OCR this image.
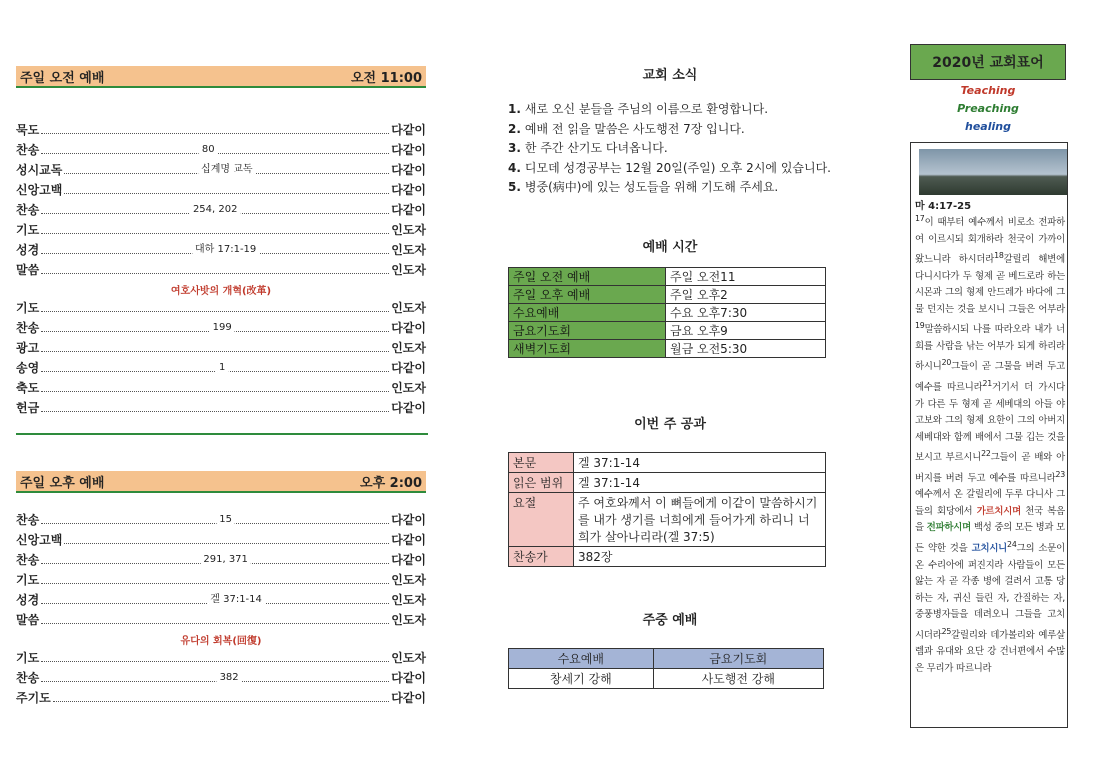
주일 오전 예배	오전 11:00
묵도	다같이
찬송	80	다같이
성시교독	십계명 교독	다같이
신앙고백	다같이
찬송	254, 202	다같이
기도	인도자
성경	대하 17:1-19	인도자
말씀	인도자
여호사밧의 개혁(改革)
기도	인도자
찬송	199	다같이
광고	인도자
송영	1	다같이
축도	인도자
헌금	다같이
주일 오후 예배	오후 2:00
찬송	15	다같이
신앙고백	다같이
찬송	291, 371	다같이
기도	인도자
성경	겔 37:1-14	인도자
말씀	인도자
유다의 회복(回復)
기도	인도자
찬송	382	다같이
주기도	다같이
교회 소식
1. 새로 오신 분들을 주님의 이름으로 환영합니다.
2. 예배 전 읽을 말씀은 사도행전 7장 입니다.
3. 한 주간 산기도 다녀옵니다.
4. 디모데 성경공부는 12월 20일(주일) 오후 2시에 있습니다.
5. 병중(病中)에 있는 성도들을 위해 기도해 주세요.
예배 시간
주일 오전 예배	주일 오전11
주일 오후 예배	주일 오후2
수요예배	수요 오후7:30
금요기도회	금요 오후9
새벽기도회	월금 오전5:30
이번 주 공과
본문	겔 37:1-14
읽은 범위	겔 37:1-14
요절	주 여호와께서 이 뼈들에게 이같이 말씀하시기를 내가 생기를 너희에게 들어가게 하리니 너희가 살아나리라(겔 37:5)
찬송가	382장
주중 예배
수요예배	금요기도회
창세기 강해	사도행전 강해
2020년 교회표어
Teaching
Preaching
healing
마 4:17-25
$^{17}$이 때부터 예수께서 비로소 전파하여 이르시되 회개하라 천국이 가까이 왔느니라 하시더라$^{18}$갈릴리 해변에 다니시다가 두 형제 곧 베드로라 하는 시몬과 그의 형제 안드레가 바다에 그물 던지는 것을 보시니 그들은 어부라$^{19}$말씀하시되 나를 따라오라 내가 너희를 사람을 낚는 어부가 되게 하리라 하시니$^{20}$그들이 곧 그물을 버려 두고 예수를 따르니라$^{21}$거기서 더 가시다가 다른 두 형제 곧 세베대의 아들 야고보와 그의 형제 요한이 그의 아버지 세베대와 함께 배에서 그물 깁는 것을 보시고 부르시니$^{22}$그들이 곧 배와 아버지를 버려 두고 예수를 따르니라$^{23}$예수께서 온 갈릴리에 두루 다니사 그들의 회당에서 가르치시며 천국 복음을 전파하시며 백성 중의 모든 병과 모든 약한 것을 고치시니$^{24}$그의 소문이 온 수리아에 퍼진지라 사람들이 모든 앓는 자 곧 각종 병에 걸려서 고통 당하는 자, 귀신 들린 자, 간질하는 자, 중풍병자들을 데려오니 그들을 고치시더라$^{25}$갈릴리와 데가볼리와 예루살렘과 유대와 요단 강 건너편에서 수많은 무리가 따르니라
